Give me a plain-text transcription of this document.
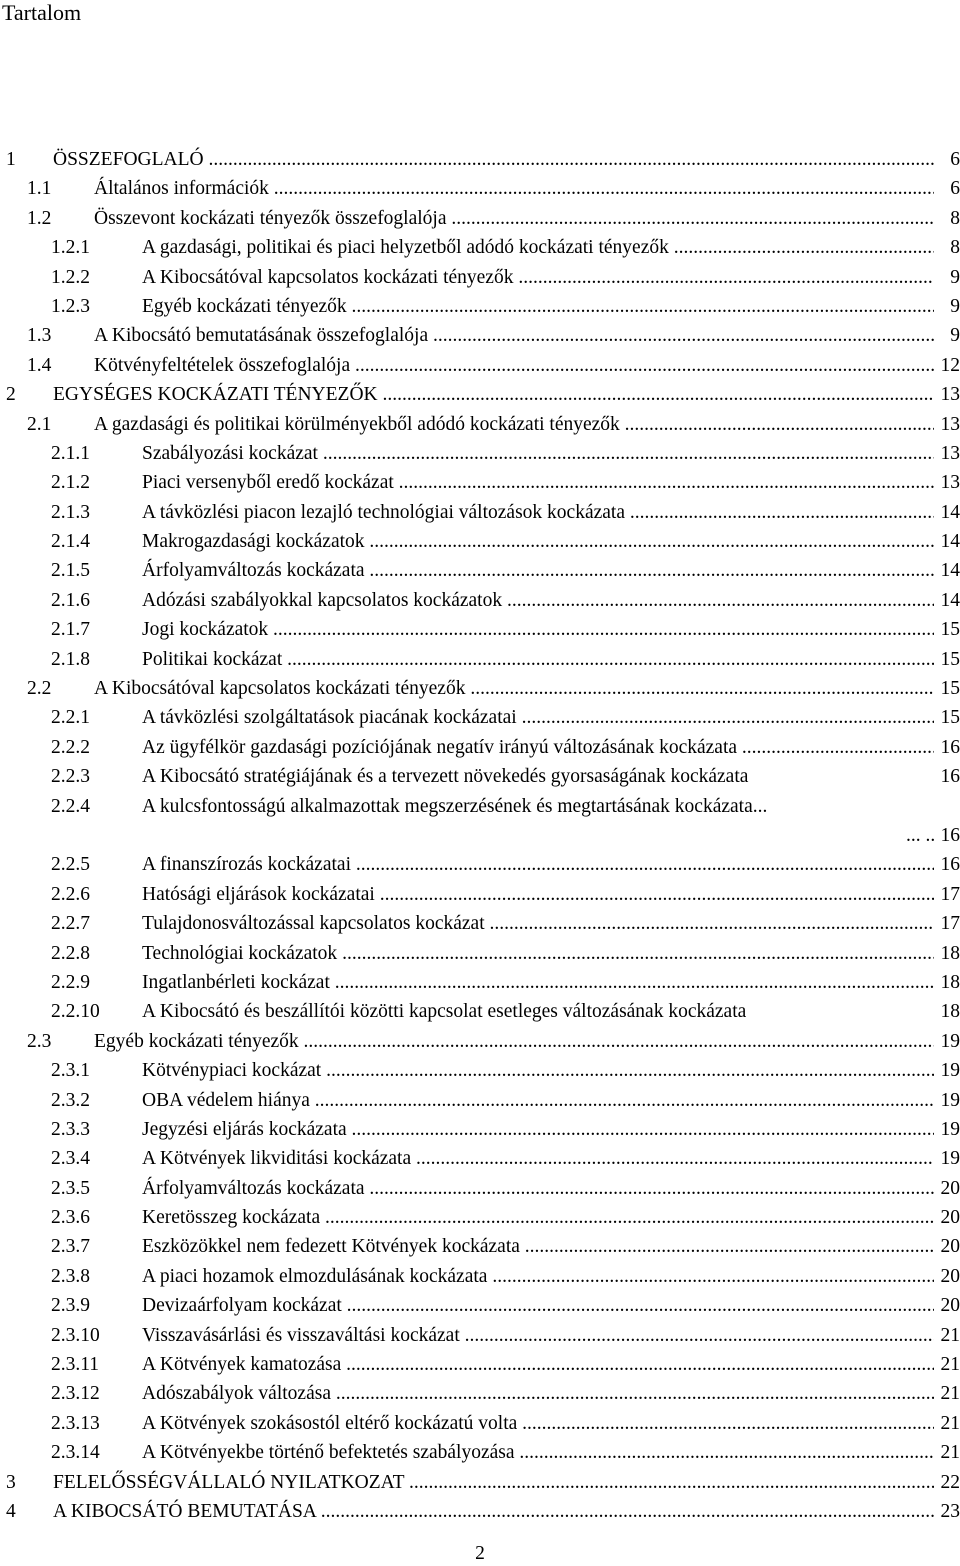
Tartalom
1 ÖSSZEFOGLALÓ .....	6
1.1 Általános információk .....	6
1.2 Összevont kockázati tényezők összefoglalója .....	8
1.2.1	A gazdasági, politikai és piaci helyzetből adódó kockázati tényezők .....	8
1.2.2	A Kibocsátóval kapcsolatos kockázati tényezők .....	9
1.2.3	Egyéb kockázati tényezők .....	9
1.3 A Kibocsátó bemutatásának összefoglalója .....	9
1.4 Kötvényfeltételek összefoglalója .....	12
2 EGYSÉGES KOCKÁZATI TÉNYEZŐK .....	13
2.1 A gazdasági és politikai körülményekből adódó kockázati tényezők .....	13
2.1.1	Szabályozási kockázat .....	13
2.1.2	Piaci versenyből eredő kockázat .....	13
2.1.3	A távközlési piacon lezajló technológiai változások kockázata .....	14
2.1.4	Makrogazdasági kockázatok .....	14
2.1.5	Árfolyamváltozás kockázata .....	14
2.1.6	Adózási szabályokkal kapcsolatos kockázatok .....	14
2.1.7	Jogi kockázatok .....	15
2.1.8	Politikai kockázat .....	15
2.2 A Kibocsátóval kapcsolatos kockázati tényezők .....	15
2.2.1	A távközlési szolgáltatások piacának kockázatai .....	15
2.2.2	Az ügyfélkör gazdasági pozíciójának negatív irányú változásának kockázata .....	16
2.2.3	A Kibocsátó stratégiájának és a tervezett növekedés gyorsaságának kockázata	16
2.2.4	A kulcsfontosságú alkalmazottak megszerzésének és megtartásának kockázata...
... .....	16
2.2.5	A finanszírozás kockázatai .....	16
2.2.6	Hatósági eljárások kockázatai .....	17
2.2.7	Tulajdonosváltozással kapcsolatos kockázat .....	17
2.2.8	Technológiai kockázatok .....	18
2.2.9	Ingatlanbérleti kockázat .....	18
2.2.10 A Kibocsátó és beszállítói közötti kapcsolat esetleges változásának kockázata	18
2.3 Egyéb kockázati tényezők .....	19
2.3.1	Kötvénypiaci kockázat .....	19
2.3.2	OBA védelem hiánya .....	19
2.3.3	Jegyzési eljárás kockázata .....	19
2.3.4	A Kötvények likviditási kockázata .....	19
2.3.5	Árfolyamváltozás kockázata .....	20
2.3.6	Keretösszeg kockázata .....	20
2.3.7	Eszközökkel nem fedezett Kötvények kockázata .....	20
2.3.8	A piaci hozamok elmozdulásának kockázata .....	20
2.3.9	Devizaárfolyam kockázat .....	20
2.3.10 Visszavásárlási és visszaváltási kockázat .....	21
2.3.11 A Kötvények kamatozása .....	21
2.3.12 Adószabályok változása .....	21
2.3.13 A Kötvények szokásostól eltérő kockázatú volta .....	21
2.3.14 A Kötvényekbe történő befektetés szabályozása .....	21
3 FELELŐSSÉGVÁLLALÓ NYILATKOZAT .....	22
4 A KIBOCSÁTÓ BEMUTATÁSA .....	23
2
